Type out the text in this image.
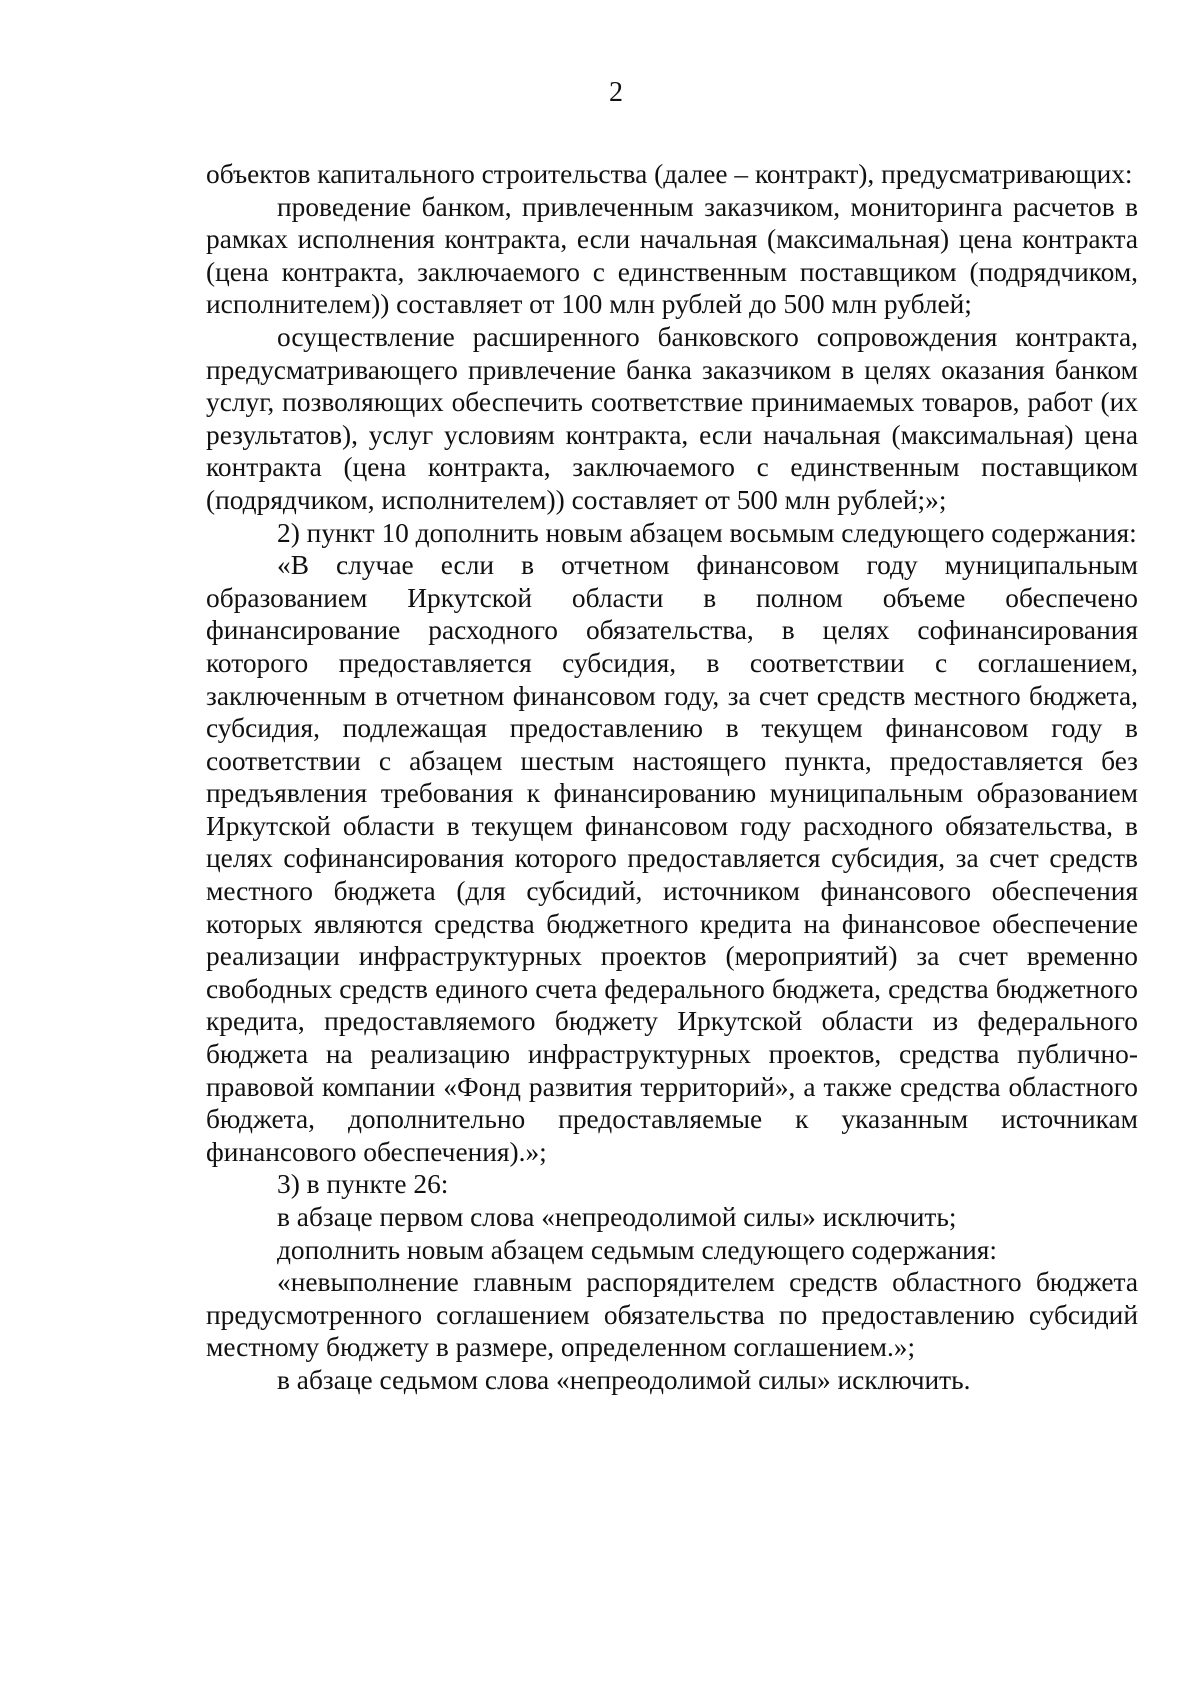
2

объектов капитального строительства (далее – контракт), предусматривающих:

проведение банком, привлеченным заказчиком, мониторинга расчетов в рамках исполнения контракта, если начальная (максимальная) цена контракта (цена контракта, заключаемого с единственным поставщиком (подрядчиком, исполнителем)) составляет от 100 млн рублей до 500 млн рублей;

осуществление расширенного банковского сопровождения контракта, предусматривающего привлечение банка заказчиком в целях оказания банком услуг, позволяющих обеспечить соответствие принимаемых товаров, работ (их результатов), услуг условиям контракта, если начальная (максимальная) цена контракта (цена контракта, заключаемого с единственным поставщиком (подрядчиком, исполнителем)) составляет от 500 млн рублей;»;

2) пункт 10 дополнить новым абзацем восьмым следующего содержания:

«В случае если в отчетном финансовом году муниципальным образованием Иркутской области в полном объеме обеспечено финансирование расходного обязательства, в целях софинансирования которого предоставляется субсидия, в соответствии с соглашением, заключенным в отчетном финансовом году, за счет средств местного бюджета, субсидия, подлежащая предоставлению в текущем финансовом году в соответствии с абзацем шестым настоящего пункта, предоставляется без предъявления требования к финансированию муниципальным образованием Иркутской области в текущем финансовом году расходного обязательства, в целях софинансирования которого предоставляется субсидия, за счет средств местного бюджета (для субсидий, источником финансового обеспечения которых являются средства бюджетного кредита на финансовое обеспечение реализации инфраструктурных проектов (мероприятий) за счет временно свободных средств единого счета федерального бюджета, средства бюджетного кредита, предоставляемого бюджету Иркутской области из федерального бюджета на реализацию инфраструктурных проектов, средства публично-правовой компании «Фонд развития территорий», а также средства областного бюджета, дополнительно предоставляемые к указанным источникам финансового обеспечения).»;

3) в пункте 26:

в абзаце первом слова «непреодолимой силы» исключить;

дополнить новым абзацем седьмым следующего содержания:

«невыполнение главным распорядителем средств областного бюджета предусмотренного соглашением обязательства по предоставлению субсидий местному бюджету в размере, определенном соглашением.»;

в абзаце седьмом слова «непреодолимой силы» исключить.
